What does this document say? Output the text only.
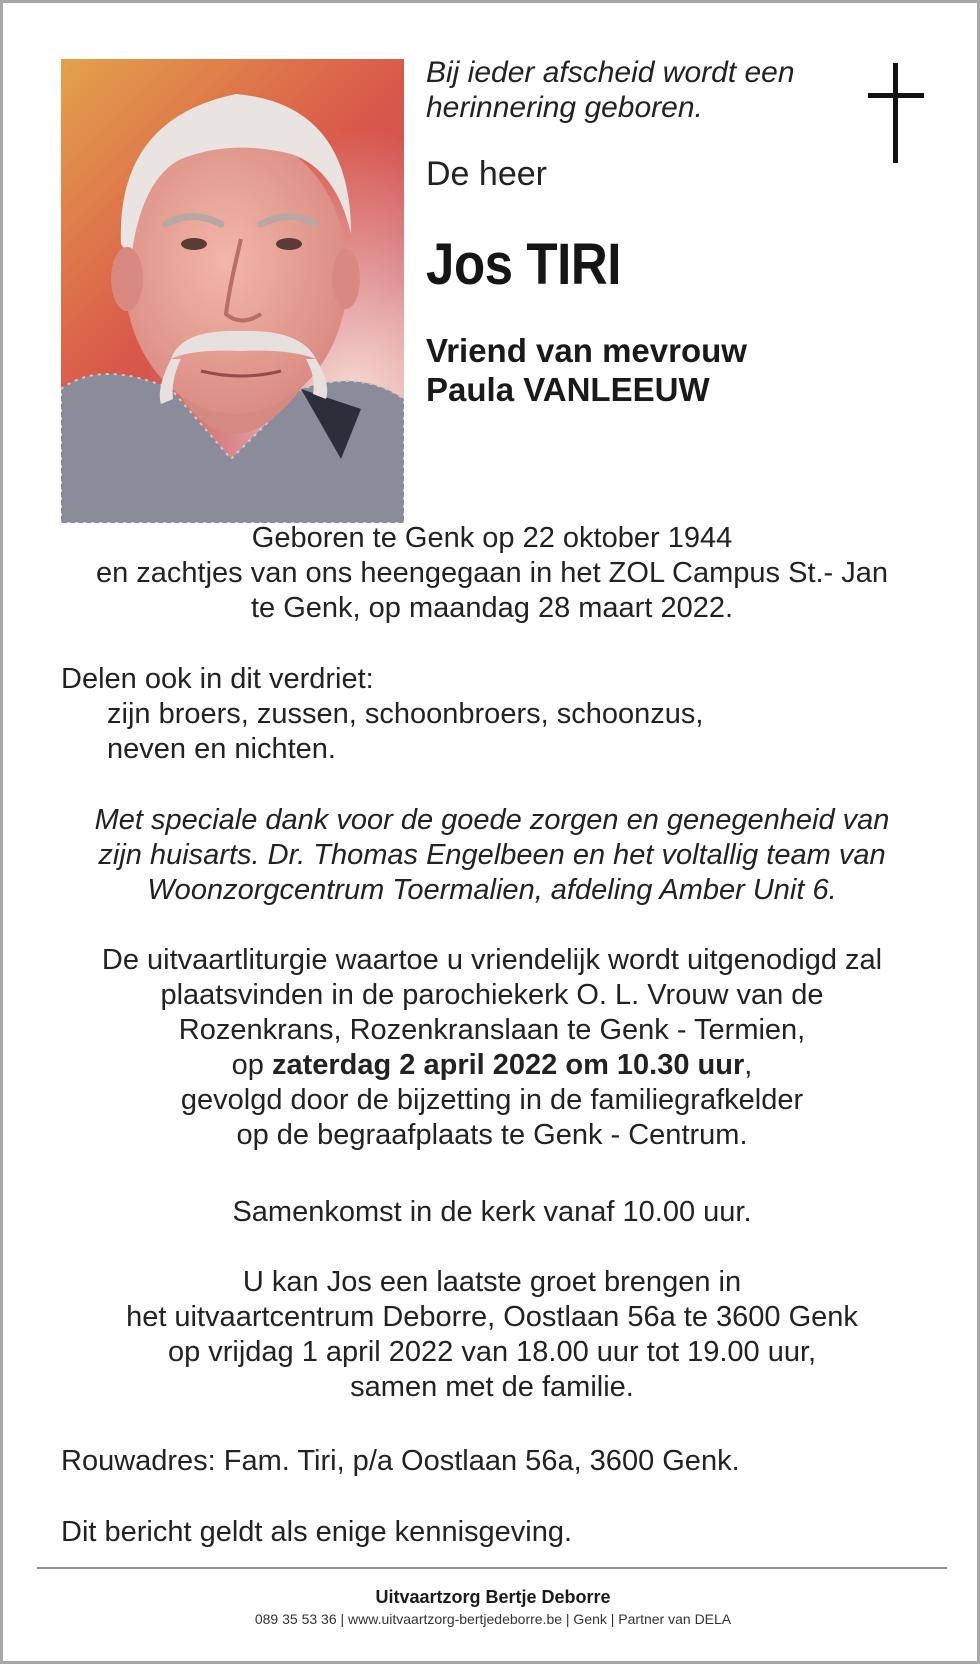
Bij ieder afscheid wordt een
herinnering geboren.
De heer
Jos TIRI
Vriend van mevrouw
Paula VANLEEUW
Geboren te Genk op 22 oktober 1944
en zachtjes van ons heengegaan in het ZOL Campus St.- Jan
te Genk, op maandag 28 maart 2022.
Delen ook in dit verdriet:
zijn broers, zussen, schoonbroers, schoonzus,
neven en nichten.
Met speciale dank voor de goede zorgen en genegenheid van
zijn huisarts. Dr. Thomas Engelbeen en het voltallig team van
Woonzorgcentrum Toermalien, afdeling Amber Unit 6.
De uitvaartliturgie waartoe u vriendelijk wordt uitgenodigd zal
plaatsvinden in de parochiekerk O. L. Vrouw van de
Rozenkrans, Rozenkranslaan te Genk - Termien,
op zaterdag 2 april 2022 om 10.30 uur,
gevolgd door de bijzetting in de familiegrafkelder
op de begraafplaats te Genk - Centrum.
Samenkomst in de kerk vanaf 10.00 uur.
U kan Jos een laatste groet brengen in
het uitvaartcentrum Deborre, Oostlaan 56a te 3600 Genk
op vrijdag 1 april 2022 van 18.00 uur tot 19.00 uur,
samen met de familie.
Rouwadres: Fam. Tiri, p/a Oostlaan 56a, 3600 Genk.
Dit bericht geldt als enige kennisgeving.
Uitvaartzorg Bertje Deborre
089 35 53 36 | www.uitvaartzorg-bertjedeborre.be | Genk | Partner van DELA
